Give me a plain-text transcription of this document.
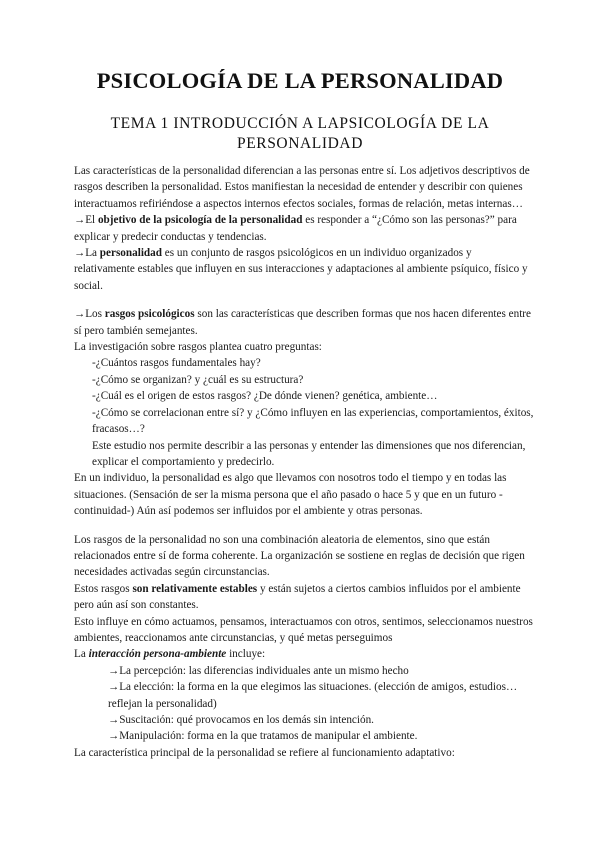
PSICOLOGÍA DE LA PERSONALIDAD
TEMA 1 INTRODUCCIÓN A LAPSICOLOGÍA DE LA PERSONALIDAD

Las características de la personalidad diferencian a las personas entre sí. Los adjetivos descriptivos de rasgos describen la personalidad. Estos manifiestan la necesidad de entender y describir con quienes interactuamos refiriéndose a aspectos internos efectos sociales, formas de relación, metas internas…

→El objetivo de la psicología de la personalidad es responder a “¿Cómo son las personas?” para explicar y predecir conductas y tendencias.

→La personalidad es un conjunto de rasgos psicológicos en un individuo organizados y relativamente estables que influyen en sus interacciones y adaptaciones al ambiente psíquico, físico y social.

→Los rasgos psicológicos son las características que describen formas que nos hacen diferentes entre sí pero también semejantes.

La investigación sobre rasgos plantea cuatro preguntas:

-¿Cuántos rasgos fundamentales hay?

-¿Cómo se organizan? y ¿cuál es su estructura?

-¿Cuál es el origen de estos rasgos? ¿De dónde vienen? genética, ambiente…

-¿Cómo se correlacionan entre sí? y ¿Cómo influyen en las experiencias, comportamientos, éxitos, fracasos…?

Este estudio nos permite describir a las personas y entender las dimensiones que nos diferencian, explicar el comportamiento y predecirlo.

En un individuo, la personalidad es algo que llevamos con nosotros todo el tiempo y en todas las situaciones. (Sensación de ser la misma persona que el año pasado o hace 5 y que en un futuro -continuidad-) Aún así podemos ser influidos por el ambiente y otras personas.

Los rasgos de la personalidad no son una combinación aleatoria de elementos, sino que están relacionados entre sí de forma coherente. La organización se sostiene en reglas de decisión que rigen necesidades activadas según circunstancias.

Estos rasgos son relativamente estables y están sujetos a ciertos cambios influidos por el ambiente pero aún así son constantes.

Esto influye en cómo actuamos, pensamos, interactuamos con otros, sentimos, seleccionamos nuestros ambientes, reaccionamos ante circunstancias, y qué metas perseguimos

La interacción persona-ambiente incluye:

→La percepción: las diferencias individuales ante un mismo hecho

→La elección: la forma en la que elegimos las situaciones. (elección de amigos, estudios… reflejan la personalidad)

→Suscitación: qué provocamos en los demás sin intención.

→Manipulación: forma en la que tratamos de manipular el ambiente.

La característica principal de la personalidad se refiere al funcionamiento adaptativo:
